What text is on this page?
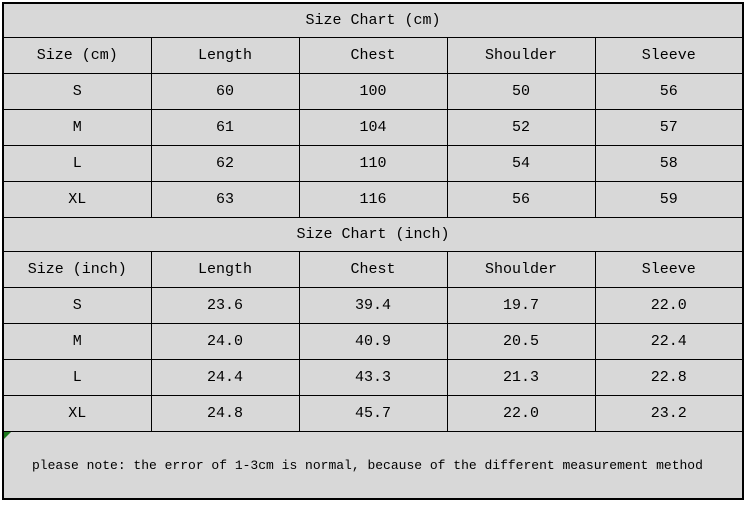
Size Chart (cm)				
Size (cm)	Length	Chest	Shoulder	Sleeve
S	60	100	50	56
M	61	104	52	57
L	62	110	54	58
XL	63	116	56	59
Size Chart (inch)				
Size (inch)	Length	Chest	Shoulder	Sleeve
S	23.6	39.4	19.7	22.0
M	24.0	40.9	20.5	22.4
L	24.4	43.3	21.3	22.8
XL	24.8	45.7	22.0	23.2

please note: the error of 1-3cm is normal, because of the different measurement method				
